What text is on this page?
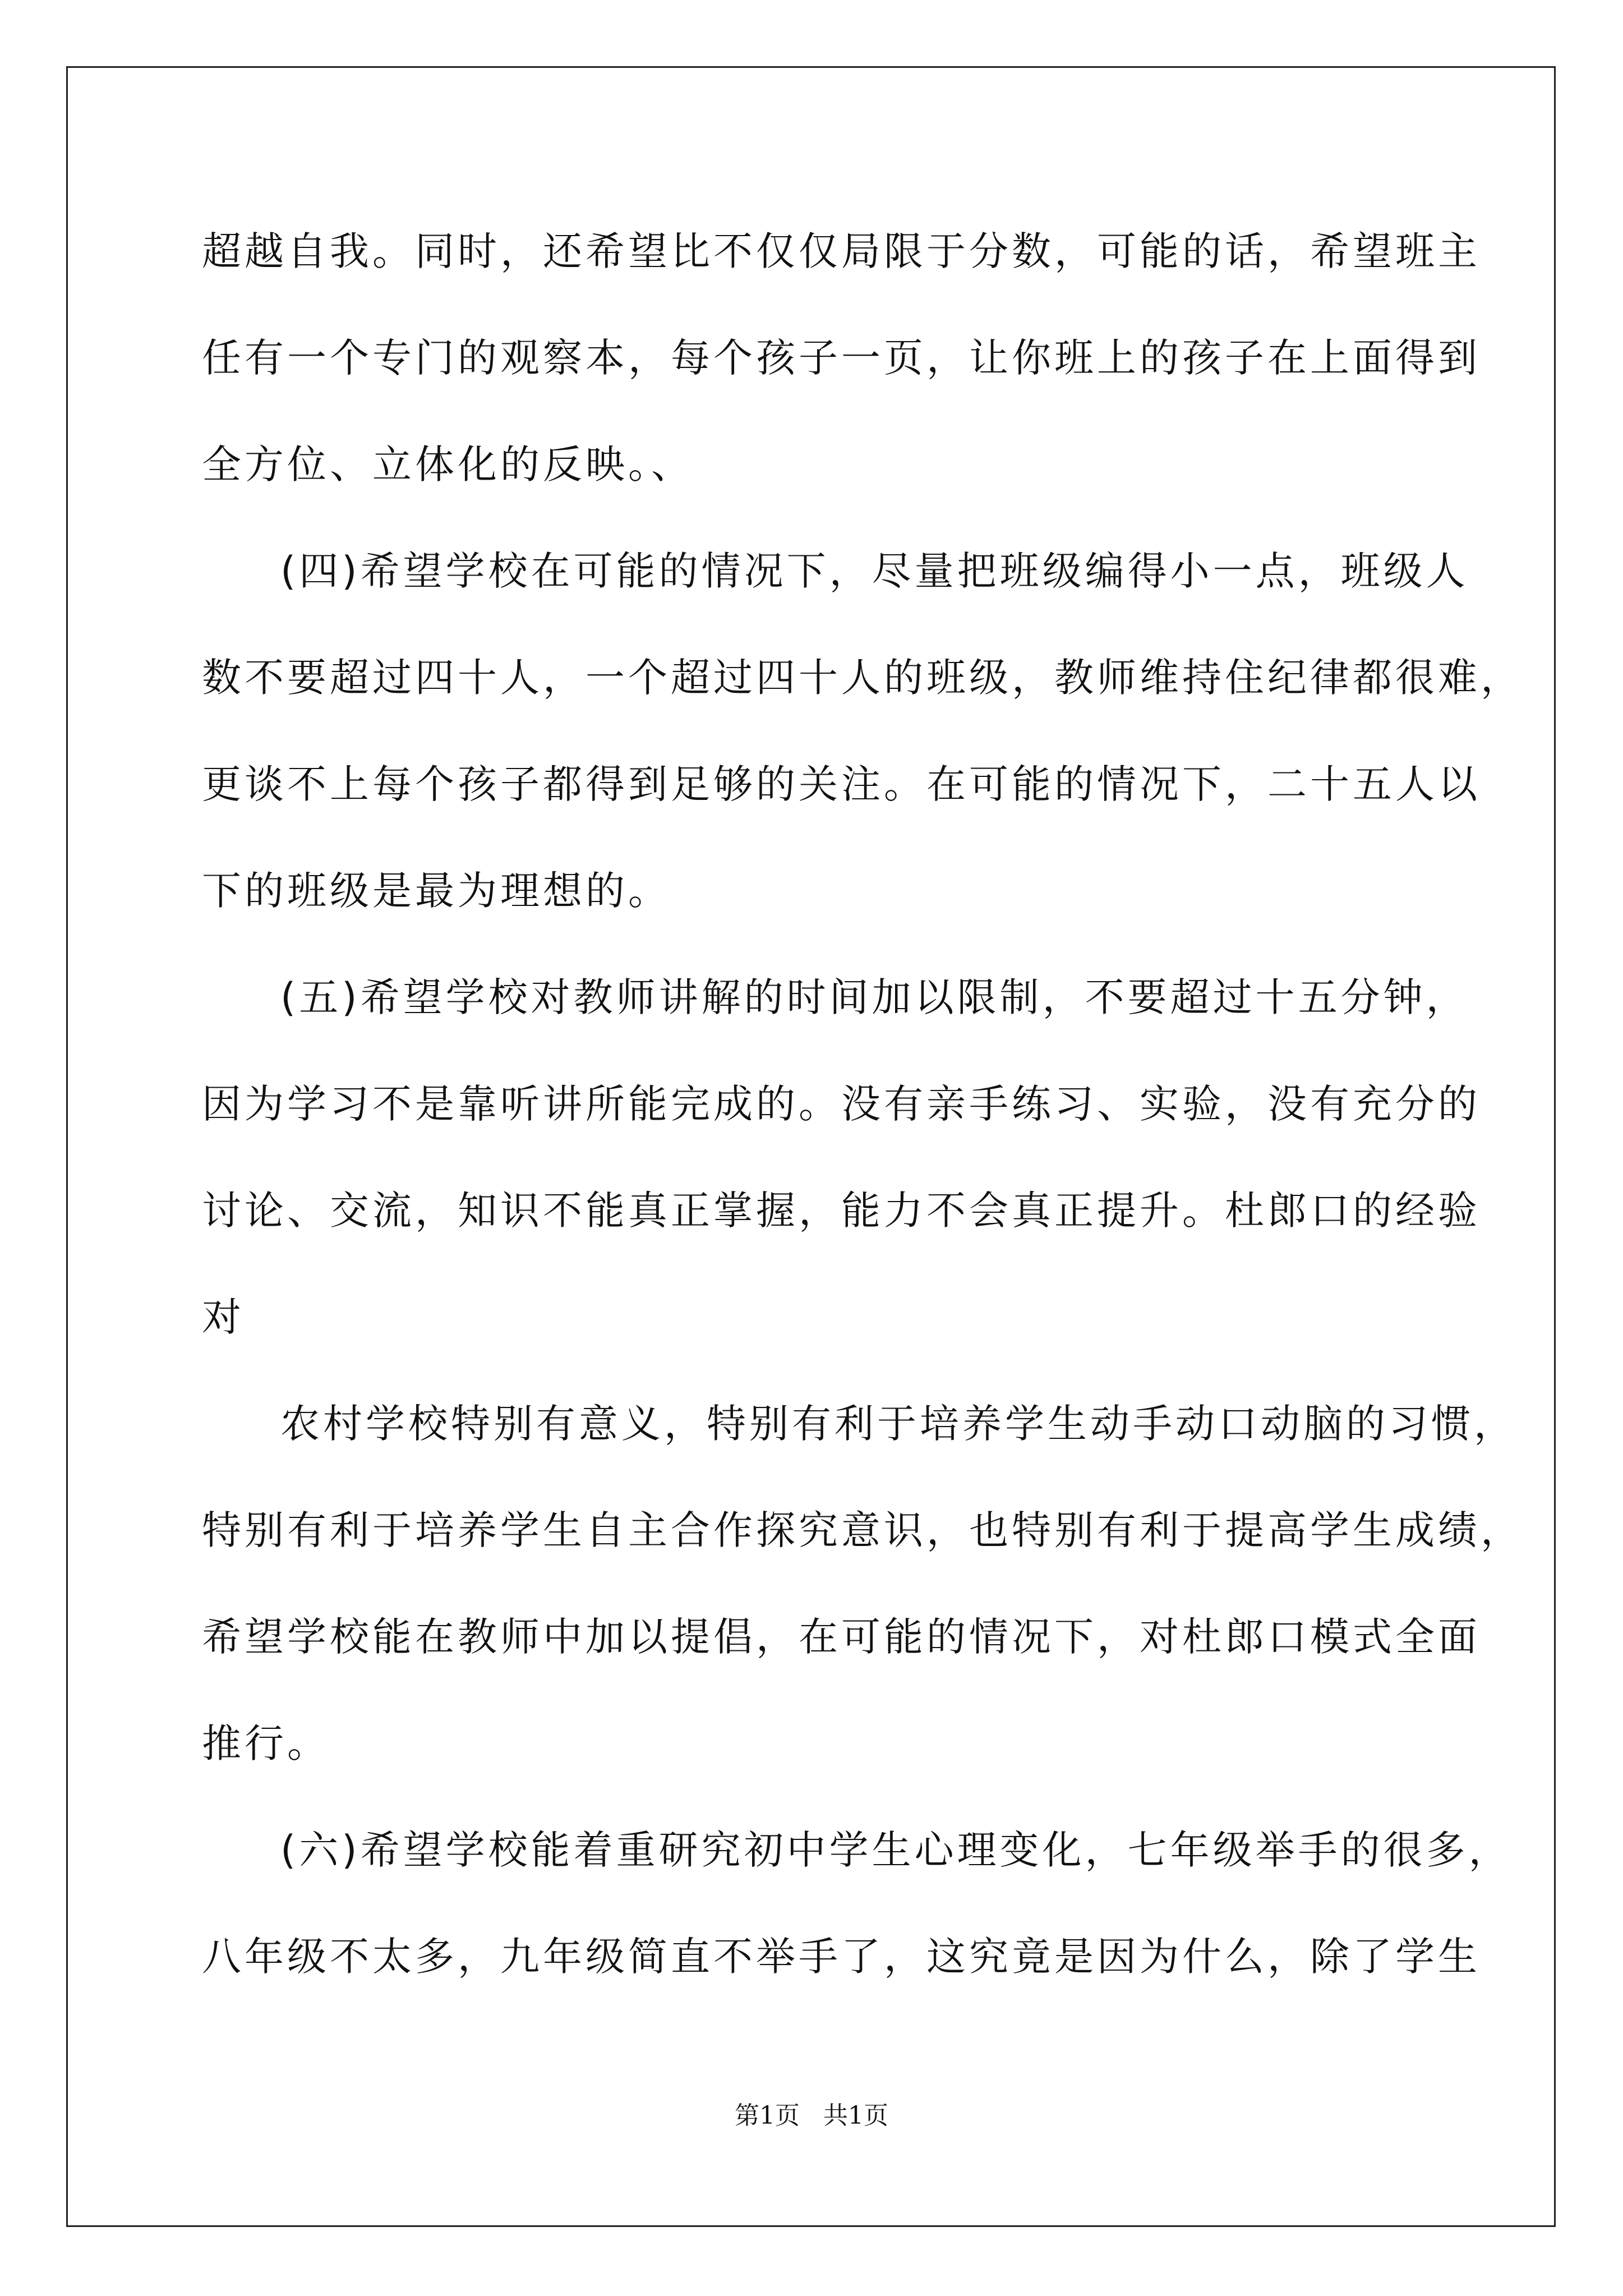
超越自我。同时，还希望比不仅仅局限于分数，可能的话，希望班主
任有一个专门的观察本，每个孩子一页，让你班上的孩子在上面得到
全方位、立体化的反映。、
(四)希望学校在可能的情况下，尽量把班级编得小一点，班级人
数不要超过四十人，一个超过四十人的班级，教师维持住纪律都很难，
更谈不上每个孩子都得到足够的关注。在可能的情况下，二十五人以
下的班级是最为理想的。
(五)希望学校对教师讲解的时间加以限制，不要超过十五分钟，
因为学习不是靠听讲所能完成的。没有亲手练习、实验，没有充分的
讨论、交流，知识不能真正掌握，能力不会真正提升。杜郎口的经验
对
农村学校特别有意义，特别有利于培养学生动手动口动脑的习惯，
特别有利于培养学生自主合作探究意识，也特别有利于提高学生成绩，
希望学校能在教师中加以提倡，在可能的情况下，对杜郎口模式全面
推行。
(六)希望学校能着重研究初中学生心理变化，七年级举手的很多，
八年级不太多，九年级简直不举手了，这究竟是因为什么，除了学生
第1页   共1页
